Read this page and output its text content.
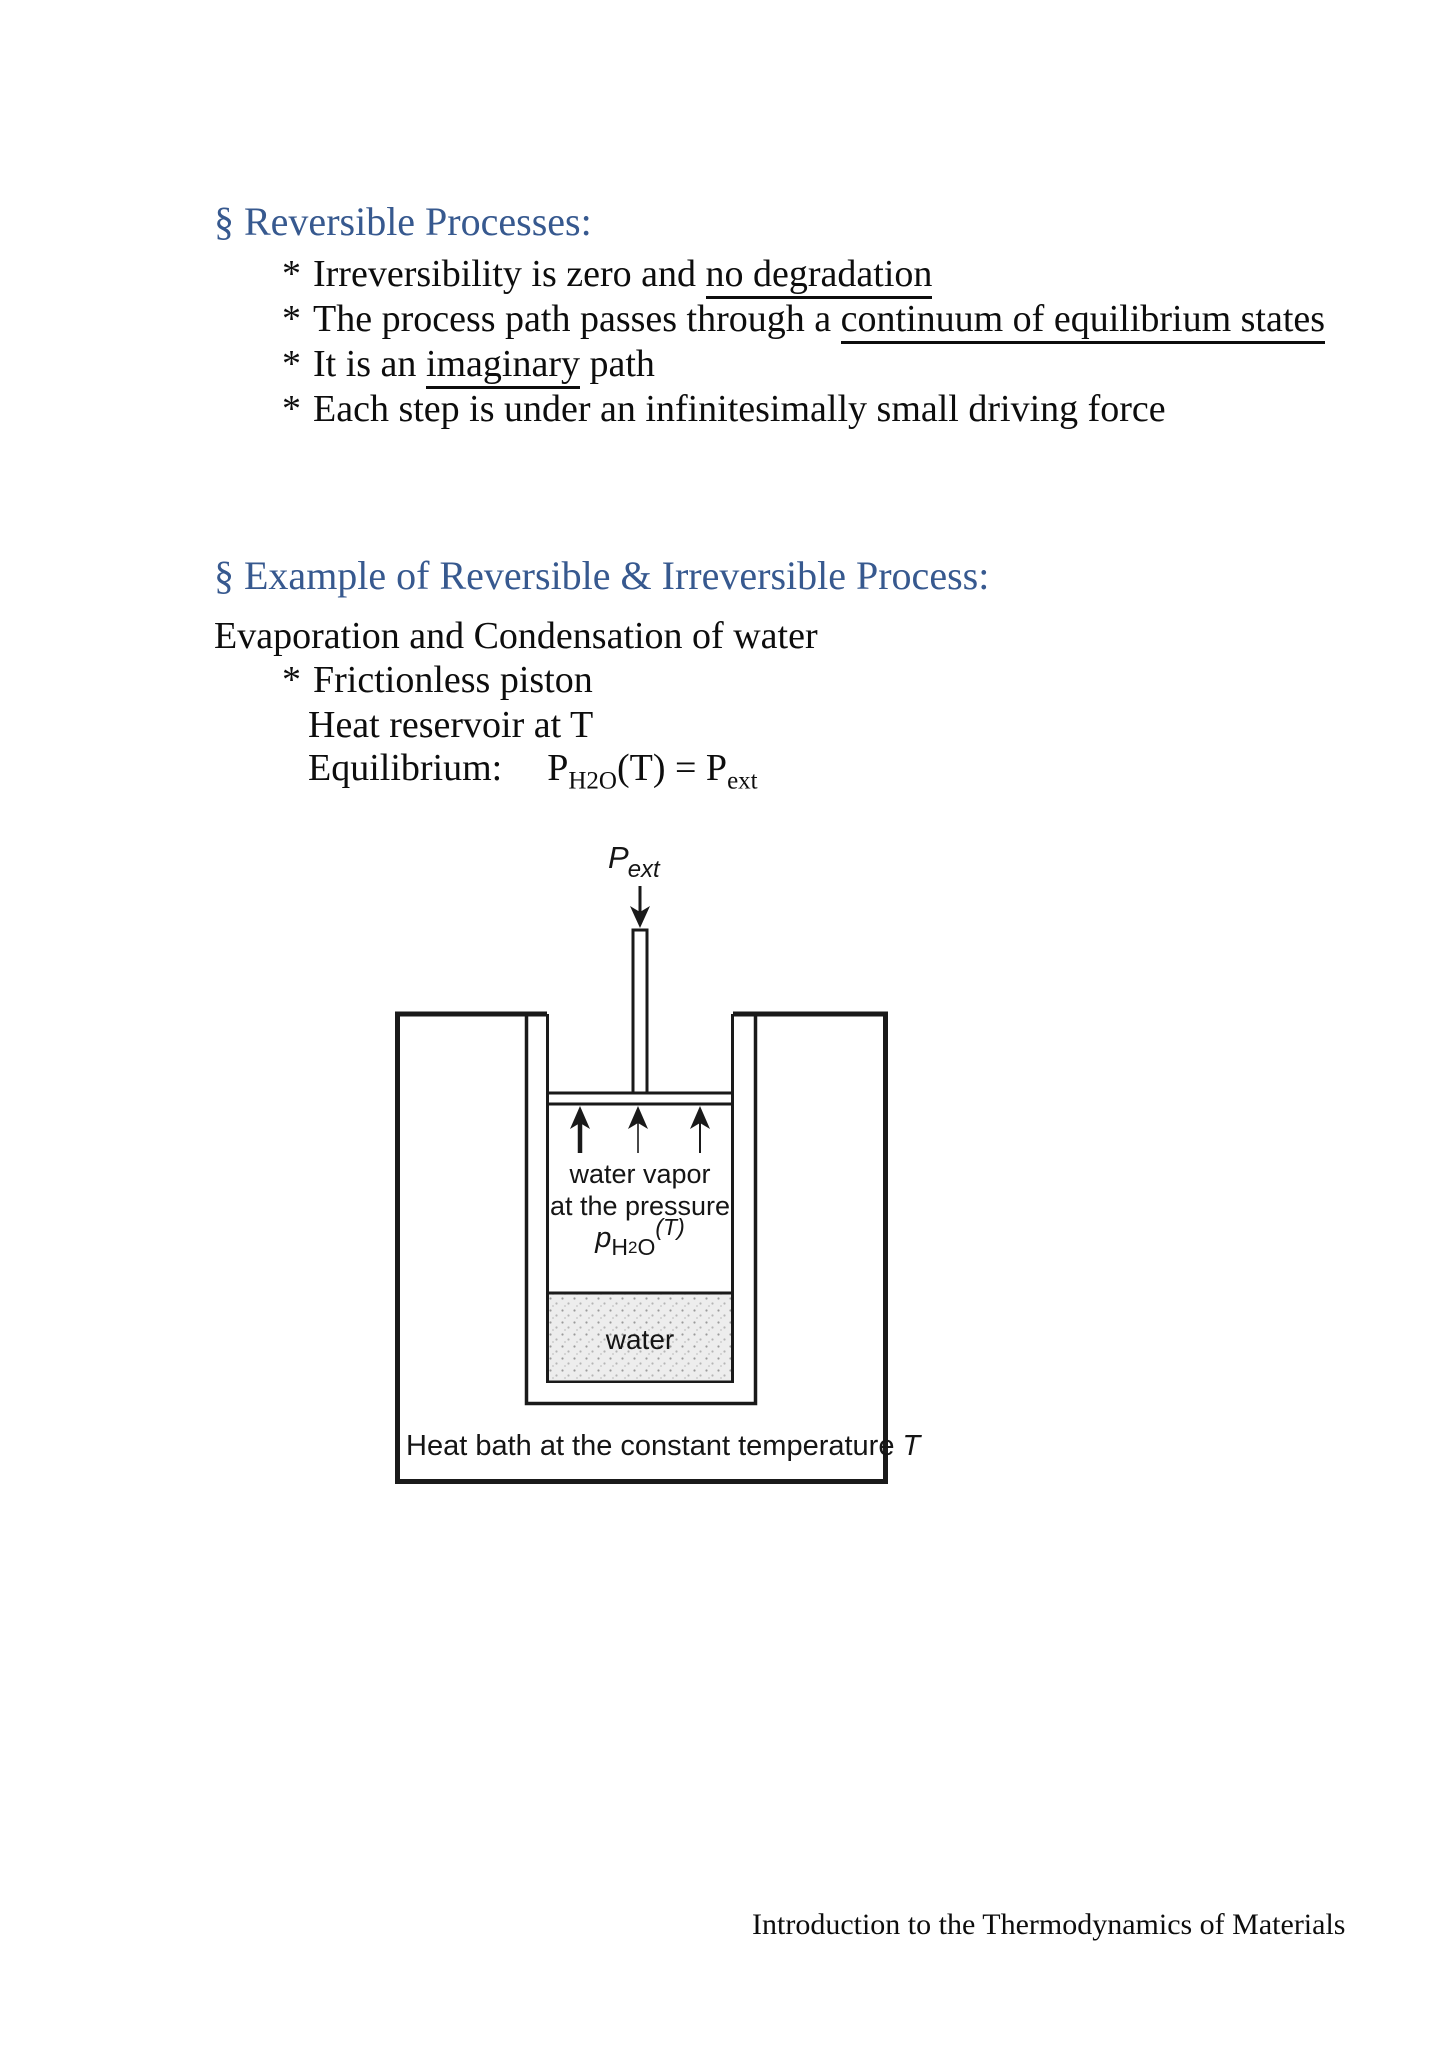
§ Reversible Processes:
* Irreversibility is zero and no degradation
* The process path passes through a continuum of equilibrium states
* It is an imaginary path
* Each step is under an infinitesimally small driving force
§ Example of Reversible & Irreversible Process:
Evaporation and Condensation of water
* Frictionless piston
Heat reservoir at T
Equilibrium: $P_{H2O}(T) = P_{ext}$
$P_{ext}$
water vapor
at the pressure
$p_{H2O}^{(T)}$
water
Heat bath at the constant temperature T
Introduction to the Thermodynamics of Materials
